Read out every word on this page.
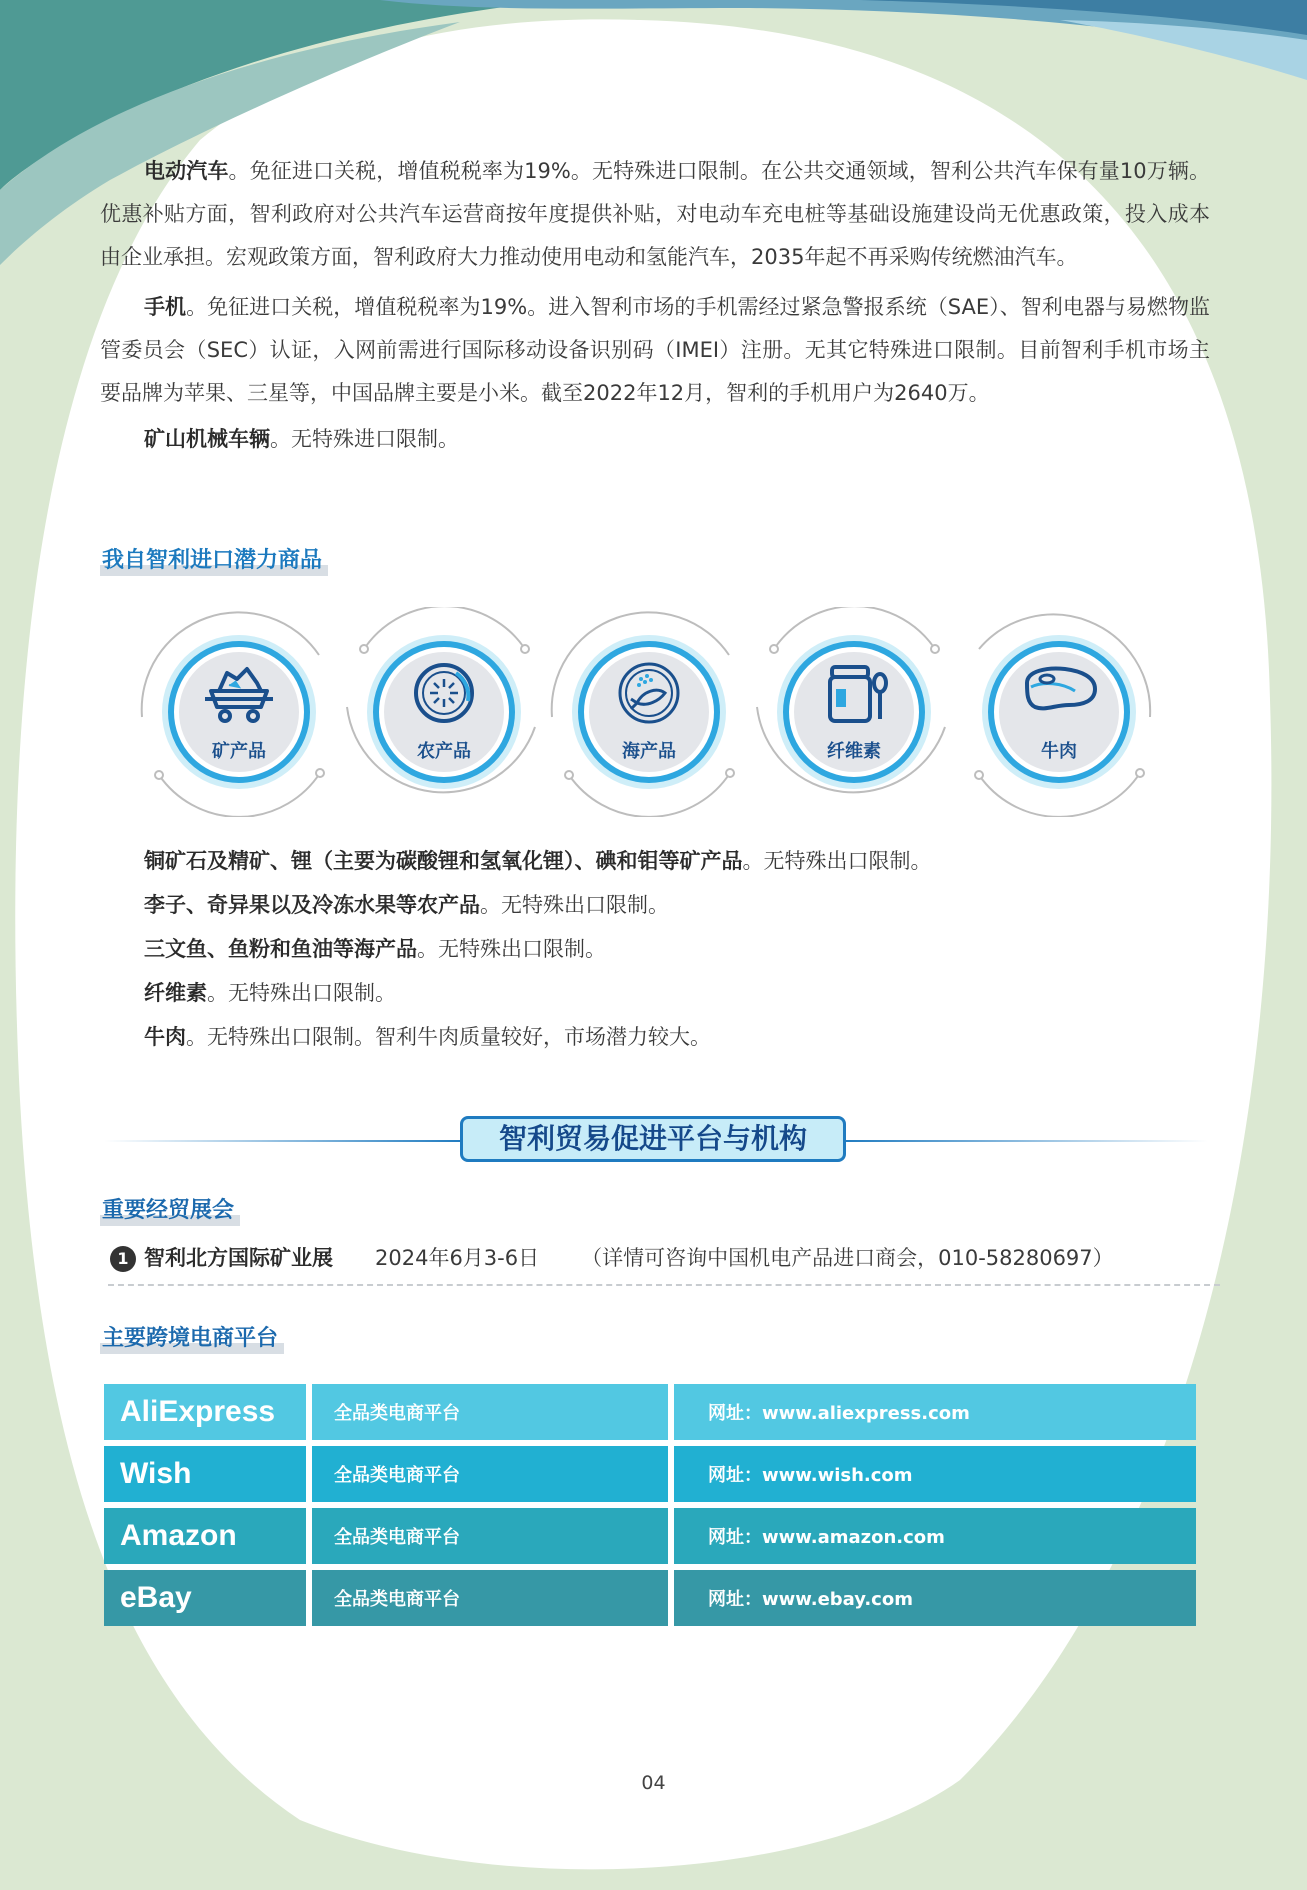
电动汽车。免征进口关税，增值税税率为19%。无特殊进口限制。在公共交通领域，智利公共汽车保有量10万辆。优惠补贴方面，智利政府对公共汽车运营商按年度提供补贴，对电动车充电桩等基础设施建设尚无优惠政策，投入成本由企业承担。宏观政策方面，智利政府大力推动使用电动和氢能汽车，2035年起不再采购传统燃油汽车。

手机。免征进口关税，增值税税率为19%。进入智利市场的手机需经过紧急警报系统（SAE）、智利电器与易燃物监管委员会（SEC）认证，入网前需进行国际移动设备识别码（IMEI）注册。无其它特殊进口限制。目前智利手机市场主要品牌为苹果、三星等，中国品牌主要是小米。截至2022年12月，智利的手机用户为2640万。

矿山机械车辆。无特殊进口限制。

我自智利进口潜力商品
矿产品	农产品	海产品	纤维素	牛肉

铜矿石及精矿、锂（主要为碳酸锂和氢氧化锂）、碘和钼等矿产品。无特殊出口限制。

李子、奇异果以及冷冻水果等农产品。无特殊出口限制。

三文鱼、鱼粉和鱼油等海产品。无特殊出口限制。

纤维素。无特殊出口限制。

牛肉。无特殊出口限制。智利牛肉质量较好，市场潜力较大。

智利贸易促进平台与机构
重要经贸展会
1 智利北方国际矿业展 2024年6月3-6日 （详情可咨询中国机电产品进口商会，010-58280697）
主要跨境电商平台
AliExpress	全品类电商平台	网址：www.aliexpress.com
Wish	全品类电商平台	网址：www.wish.com
Amazon	全品类电商平台	网址：www.amazon.com
eBay	全品类电商平台	网址：www.ebay.com
04
